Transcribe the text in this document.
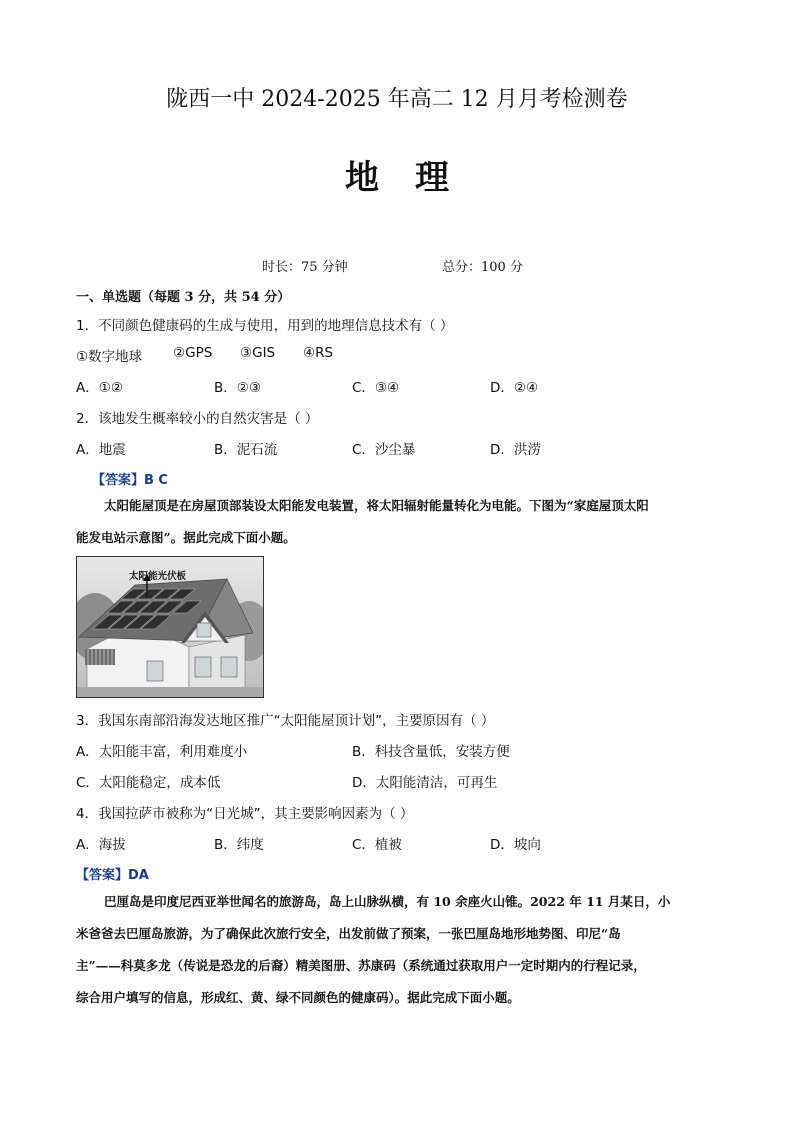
陇西一中 2024-2025 年高二 12 月月考检测卷
地理
时长：75 分钟	总分：100 分
一、单选题（每题 3 分，共 54 分）
1．不同颜色健康码的生成与使用，用到的地理信息技术有（ ）
①数字地球 ②GPS ③GIS ④RS
A．①②	B．②③	C．③④	D．②④
2．该地发生概率较小的自然灾害是（ ）
A．地震	B．泥石流	C．沙尘暴	D．洪涝
【答案】B C
太阳能屋顶是在房屋顶部装设太阳能发电装置，将太阳辐射能量转化为电能。下图为“家庭屋顶太阳
能发电站示意图”。据此完成下面小题。
太阳能光伏板
3．我国东南部沿海发达地区推广“太阳能屋顶计划”，主要原因有（ ）
A．太阳能丰富，利用难度小	B．科技含量低，安装方便
C．太阳能稳定，成本低	D．太阳能清洁，可再生
4．我国拉萨市被称为“日光城”，其主要影响因素为（ ）
A．海拔	B．纬度	C．植被	D．坡向
【答案】DA
巴厘岛是印度尼西亚举世闻名的旅游岛，岛上山脉纵横，有 10 余座火山锥。2022 年 11 月某日，小
米爸爸去巴厘岛旅游，为了确保此次旅行安全，出发前做了预案，一张巴厘岛地形地势图、印尼“岛
主”——科莫多龙（传说是恐龙的后裔）精美图册、苏康码（系统通过获取用户一定时期内的行程记录，
综合用户填写的信息，形成红、黄、绿不同颜色的健康码）。据此完成下面小题。
